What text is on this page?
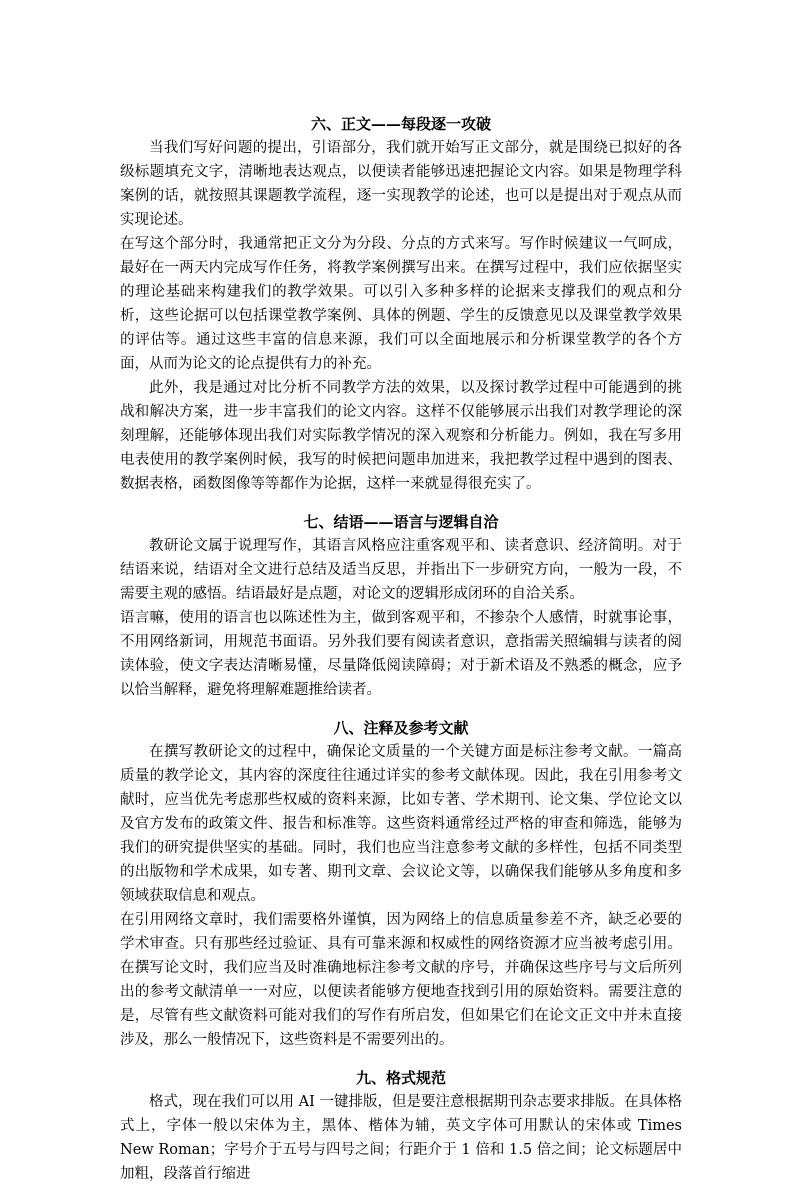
六、正文——每段逐一攻破

当我们写好问题的提出，引语部分，我们就开始写正文部分，就是围绕已拟好的各级标题填充文字，清晰地表达观点，以便读者能够迅速把握论文内容。如果是物理学科案例的话，就按照其课题教学流程，逐一实现教学的论述，也可以是提出对于观点从而实现论述。

在写这个部分时，我通常把正文分为分段、分点的方式来写。写作时候建议一气呵成，最好在一两天内完成写作任务，将教学案例撰写出来。在撰写过程中，我们应依据坚实的理论基础来构建我们的教学效果。可以引入多种多样的论据来支撑我们的观点和分析，这些论据可以包括课堂教学案例、具体的例题、学生的反馈意见以及课堂教学效果的评估等。通过这些丰富的信息来源，我们可以全面地展示和分析课堂教学的各个方面，从而为论文的论点提供有力的补充。

此外，我是通过对比分析不同教学方法的效果，以及探讨教学过程中可能遇到的挑战和解决方案，进一步丰富我们的论文内容。这样不仅能够展示出我们对教学理论的深刻理解，还能够体现出我们对实际教学情况的深入观察和分析能力。例如，我在写多用电表使用的教学案例时候，我写的时候把问题串加进来，我把教学过程中遇到的图表、数据表格，函数图像等等都作为论据，这样一来就显得很充实了。

七、结语——语言与逻辑自洽

教研论文属于说理写作，其语言风格应注重客观平和、读者意识、经济简明。对于结语来说，结语对全文进行总结及适当反思，并指出下一步研究方向，一般为一段，不需要主观的感悟。结语最好是点题，对论文的逻辑形成闭环的自洽关系。

语言嘛，使用的语言也以陈述性为主，做到客观平和，不掺杂个人感情，时就事论事，不用网络新词，用规范书面语。另外我们要有阅读者意识，意指需关照编辑与读者的阅读体验，使文字表达清晰易懂，尽量降低阅读障碍；对于新术语及不熟悉的概念，应予以恰当解释，避免将理解难题推给读者。

八、注释及参考文献

在撰写教研论文的过程中，确保论文质量的一个关键方面是标注参考文献。一篇高质量的教学论文，其内容的深度往往通过详实的参考文献体现。因此，我在引用参考文献时，应当优先考虑那些权威的资料来源，比如专著、学术期刊、论文集、学位论文以及官方发布的政策文件、报告和标准等。这些资料通常经过严格的审查和筛选，能够为我们的研究提供坚实的基础。同时，我们也应当注意参考文献的多样性，包括不同类型的出版物和学术成果，如专著、期刊文章、会议论文等，以确保我们能够从多角度和多领域获取信息和观点。

在引用网络文章时，我们需要格外谨慎，因为网络上的信息质量参差不齐，缺乏必要的学术审查。只有那些经过验证、具有可靠来源和权威性的网络资源才应当被考虑引用。在撰写论文时，我们应当及时准确地标注参考文献的序号，并确保这些序号与文后所列出的参考文献清单一一对应，以便读者能够方便地查找到引用的原始资料。需要注意的是，尽管有些文献资料可能对我们的写作有所启发，但如果它们在论文正文中并未直接涉及，那么一般情况下，这些资料是不需要列出的。

九、格式规范

格式，现在我们可以用 AI 一键排版，但是要注意根据期刊杂志要求排版。在具体格式上，字体一般以宋体为主，黑体、楷体为辅，英文字体可用默认的宋体或 Times New Roman；字号介于五号与四号之间；行距介于 1 倍和 1.5 倍之间；论文标题居中加粗，段落首行缩进
